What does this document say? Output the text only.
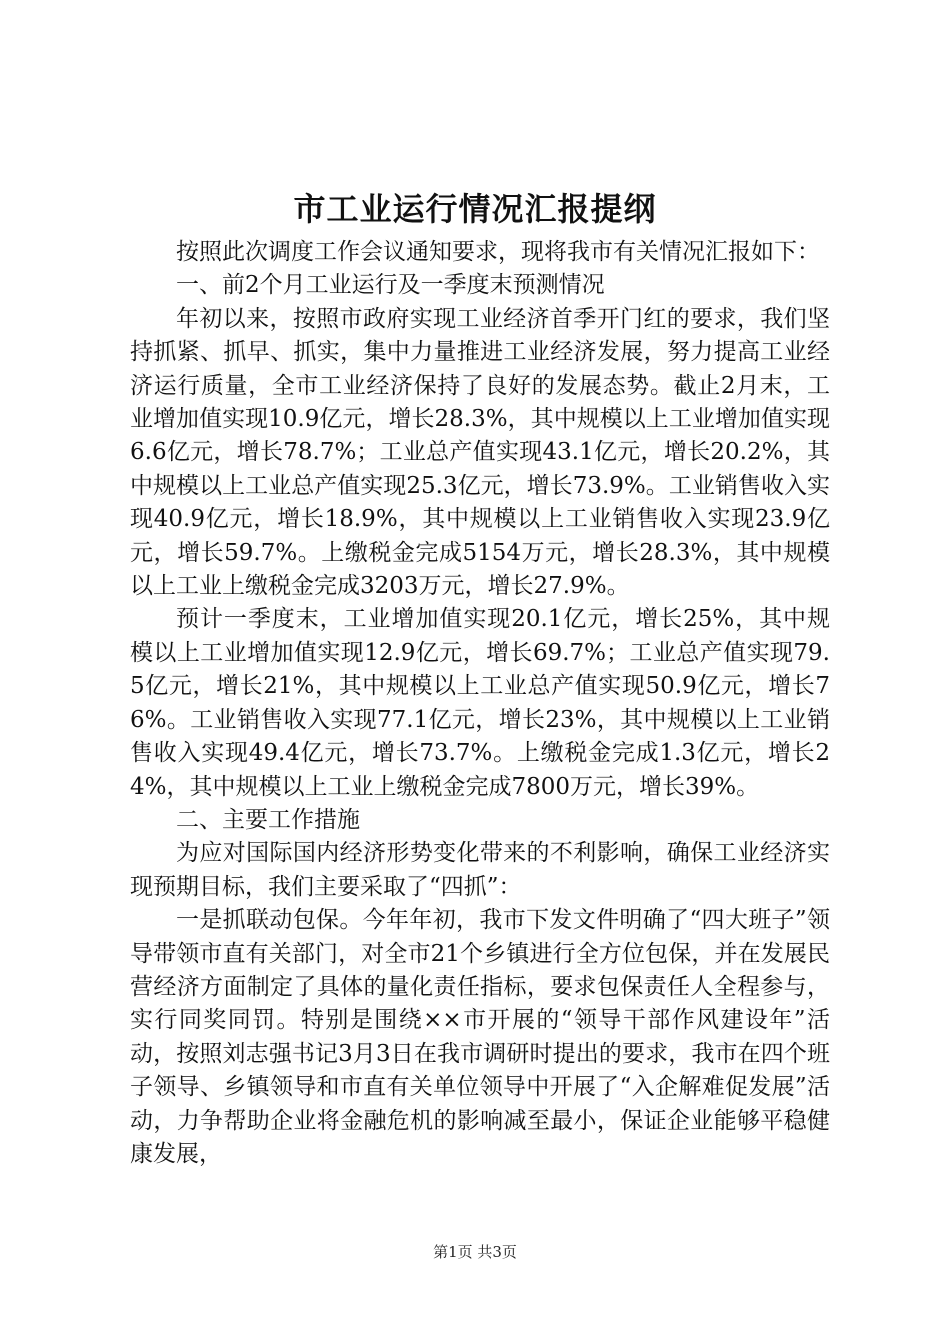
市工业运行情况汇报提纲

按照此次调度工作会议通知要求，现将我市有关情况汇报如下：

一、前2个月工业运行及一季度末预测情况

年初以来，按照市政府实现工业经济首季开门红的要求，我们坚持抓紧、抓早、抓实，集中力量推进工业经济发展，努力提高工业经济运行质量，全市工业经济保持了良好的发展态势。截止2月末，工业增加值实现10.9亿元，增长28.3%，其中规模以上工业增加值实现6.6亿元，增长78.7%；工业总产值实现43.1亿元，增长20.2%，其中规模以上工业总产值实现25.3亿元，增长73.9%。工业销售收入实现40.9亿元，增长18.9%，其中规模以上工业销售收入实现23.9亿元，增长59.7%。上缴税金完成5154万元，增长28.3%，其中规模以上工业上缴税金完成3203万元，增长27.9%。

预计一季度末，工业增加值实现20.1亿元，增长25%，其中规模以上工业增加值实现12.9亿元，增长69.7%；工业总产值实现79.5亿元，增长21%，其中规模以上工业总产值实现50.9亿元，增长76%。工业销售收入实现77.1亿元，增长23%，其中规模以上工业销售收入实现49.4亿元，增长73.7%。上缴税金完成1.3亿元，增长24%，其中规模以上工业上缴税金完成7800万元，增长39%。

二、主要工作措施

为应对国际国内经济形势变化带来的不利影响，确保工业经济实现预期目标，我们主要采取了“四抓”：

一是抓联动包保。今年年初，我市下发文件明确了“四大班子”领导带领市直有关部门，对全市21个乡镇进行全方位包保，并在发展民营经济方面制定了具体的量化责任指标，要求包保责任人全程参与，实行同奖同罚。特别是围绕××市开展的“领导干部作风建设年”活动，按照刘志强书记3月3日在我市调研时提出的要求，我市在四个班子领导、乡镇领导和市直有关单位领导中开展了“入企解难促发展”活动，力争帮助企业将金融危机的影响减至最小，保证企业能够平稳健康发展，

第1页 共3页
